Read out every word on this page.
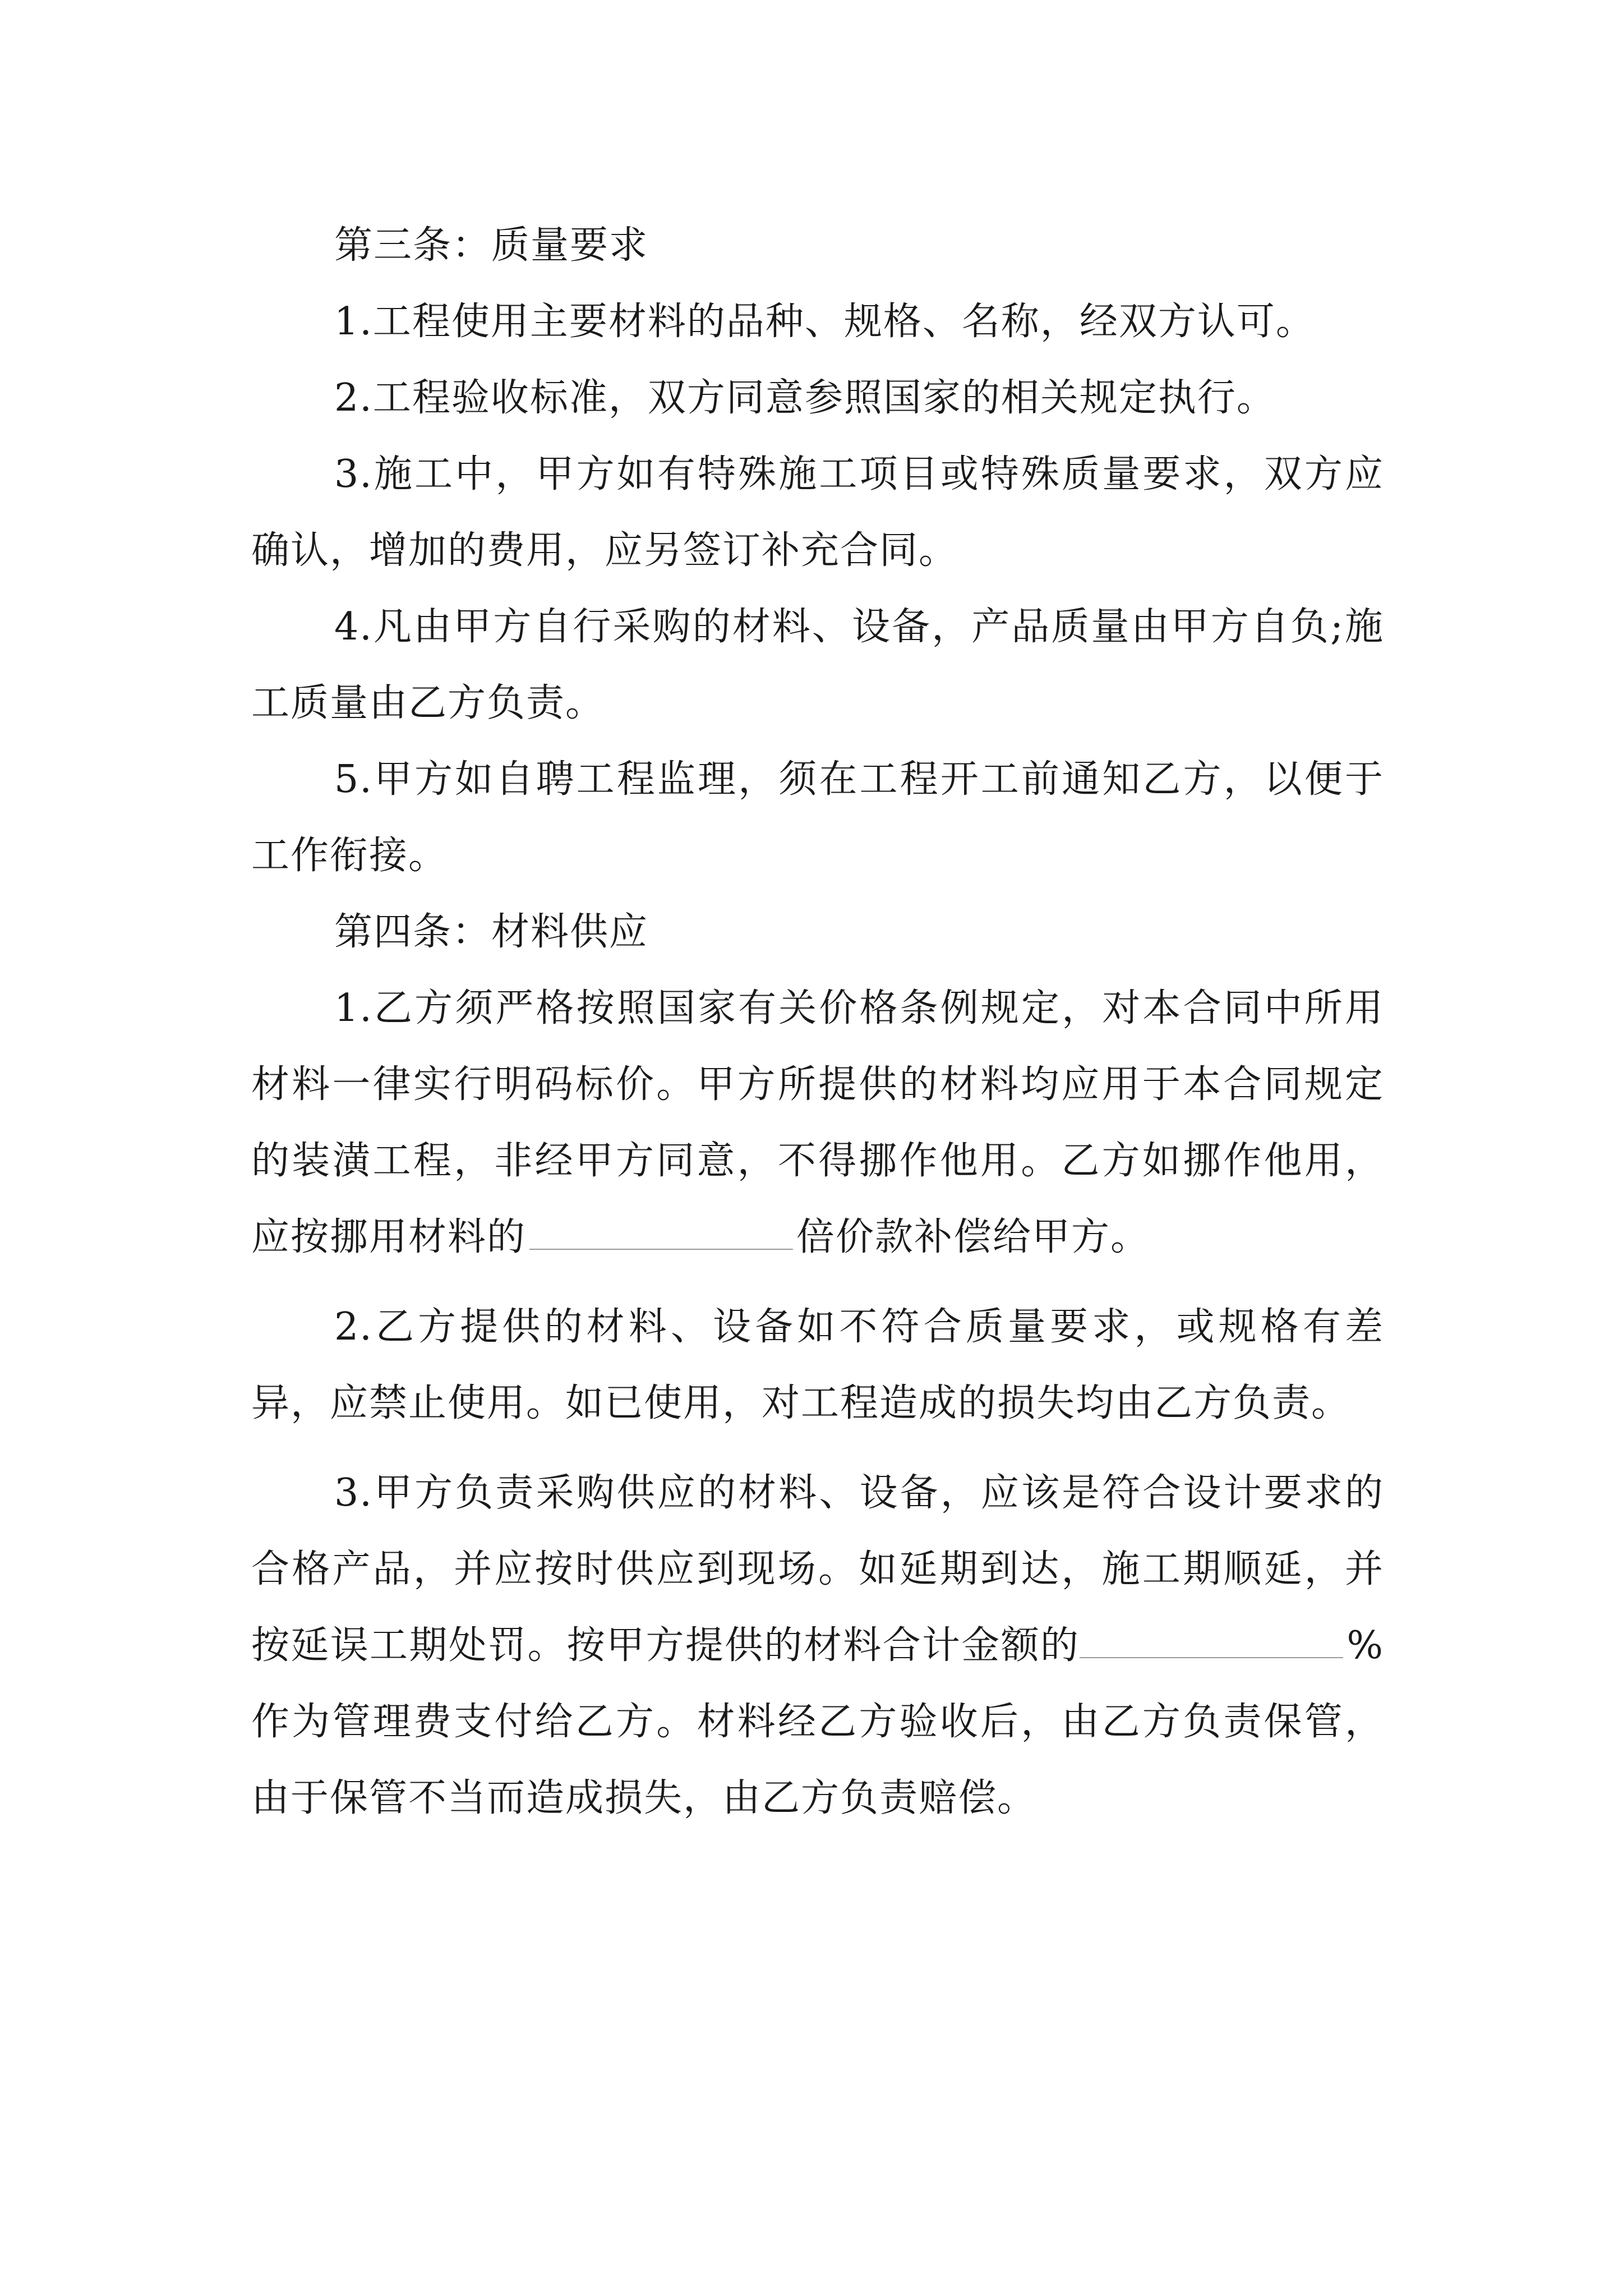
第三条：质量要求

1.工程使用主要材料的品种、规格、名称，经双方认可。

2.工程验收标准，双方同意参照国家的相关规定执行。

3.施工中，甲方如有特殊施工项目或特殊质量要求，双方应确认，增加的费用，应另签订补充合同。

4.凡由甲方自行采购的材料、设备，产品质量由甲方自负;施工质量由乙方负责。

5.甲方如自聘工程监理，须在工程开工前通知乙方，以便于工作衔接。

第四条：材料供应

1.乙方须严格按照国家有关价格条例规定，对本合同中所用材料一律实行明码标价。甲方所提供的材料均应用于本合同规定的装潢工程，非经甲方同意，不得挪作他用。乙方如挪作他用，应按挪用材料的	倍价款补偿给甲方。

2.乙方提供的材料、设备如不符合质量要求，或规格有差异，应禁止使用。如已使用，对工程造成的损失均由乙方负责。

3.甲方负责采购供应的材料、设备，应该是符合设计要求的合格产品，并应按时供应到现场。如延期到达，施工期顺延，并按延误工期处罚。按甲方提供的材料合计金额的	%作为管理费支付给乙方。材料经乙方验收后，由乙方负责保管，由于保管不当而造成损失，由乙方负责赔偿。
